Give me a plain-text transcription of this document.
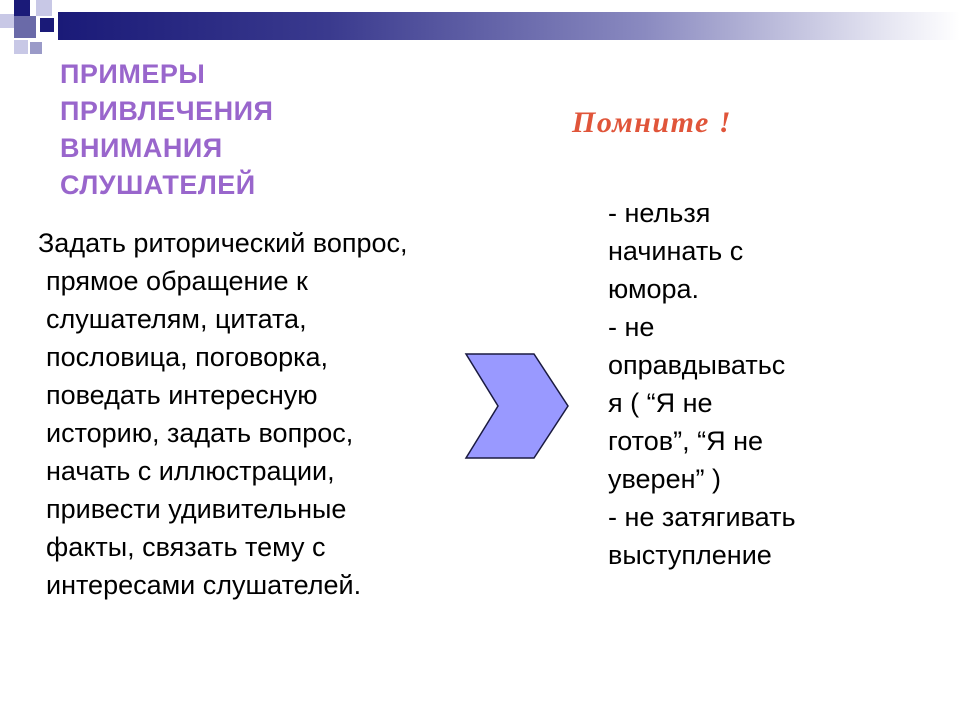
ПРИМЕРЫ
ПРИВЛЕЧЕНИЯ
ВНИМАНИЯ
СЛУШАТЕЛЕЙ
Задать риторический вопрос,
прямое обращение к
слушателям, цитата,
пословица, поговорка,
поведать интересную
историю, задать вопрос,
начать с иллюстрации,
привести удивительные
факты, связать тему с
интересами слушателей.
Помните !
- нельзя
начинать с
юмора.
- не
оправдыватьс
я ( “Я не
готов”, “Я не
уверен” )
- не затягивать
выступление
